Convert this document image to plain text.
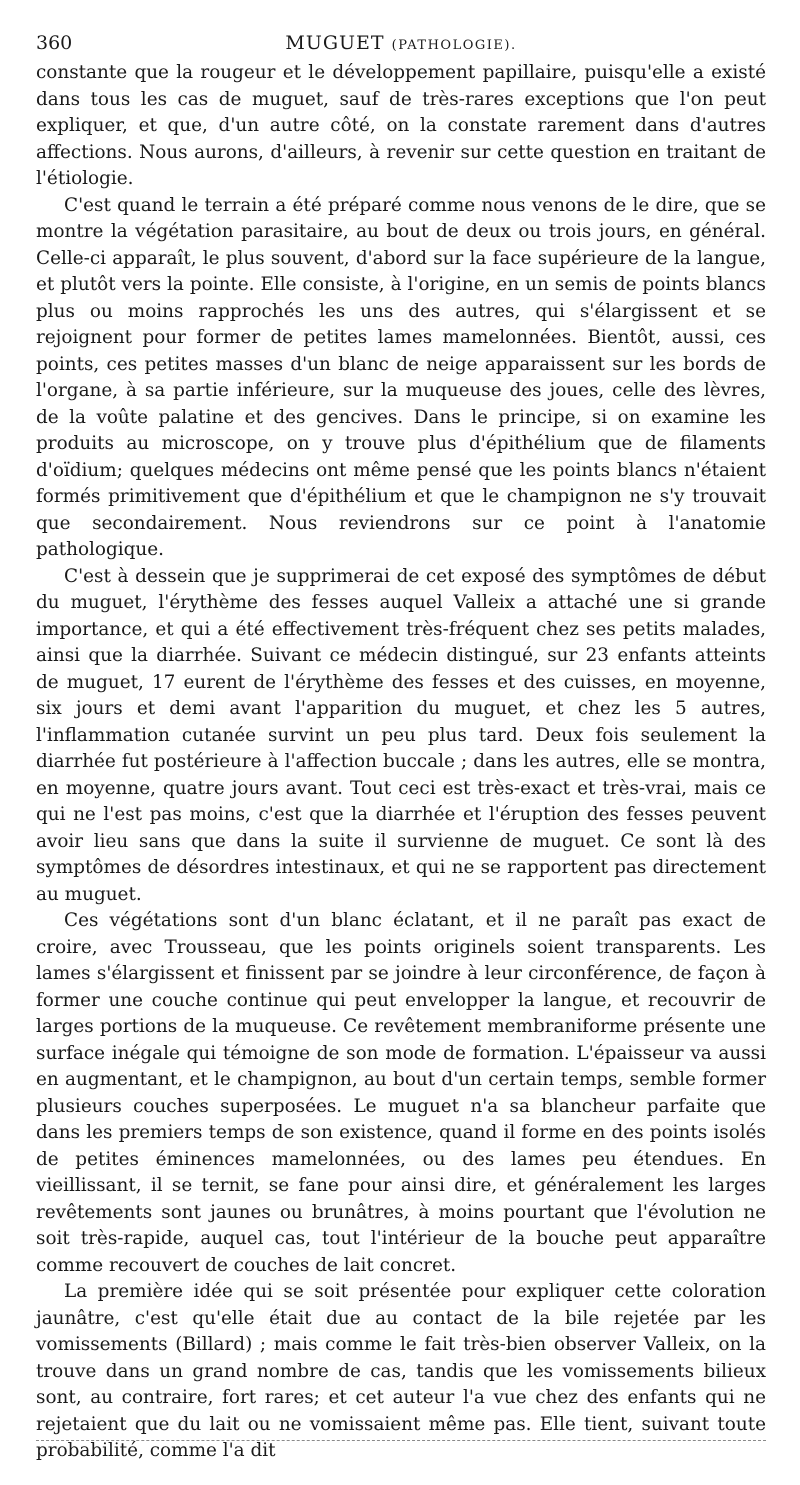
360	MUGUET (PATHOLOGIE).

constante que la rougeur et le développement papillaire, puisqu'elle a existé dans tous les cas de muguet, sauf de très-rares exceptions que l'on peut expliquer, et que, d'un autre côté, on la constate rarement dans d'autres affections. Nous aurons, d'ailleurs, à revenir sur cette question en traitant de l'étiologie.

C'est quand le terrain a été préparé comme nous venons de le dire, que se montre la végétation parasitaire, au bout de deux ou trois jours, en général. Celle-ci apparaît, le plus souvent, d'abord sur la face supérieure de la langue, et plutôt vers la pointe. Elle consiste, à l'origine, en un semis de points blancs plus ou moins rapprochés les uns des autres, qui s'élargissent et se rejoignent pour former de petites lames mamelonnées. Bientôt, aussi, ces points, ces petites masses d'un blanc de neige apparaissent sur les bords de l'organe, à sa partie inférieure, sur la muqueuse des joues, celle des lèvres, de la voûte palatine et des gencives. Dans le principe, si on examine les produits au microscope, on y trouve plus d'épithélium que de filaments d'oïdium; quelques médecins ont même pensé que les points blancs n'étaient formés primitivement que d'épithélium et que le champignon ne s'y trouvait que secondairement. Nous reviendrons sur ce point à l'anatomie pathologique.

C'est à dessein que je supprimerai de cet exposé des symptômes de début du muguet, l'érythème des fesses auquel Valleix a attaché une si grande importance, et qui a été effectivement très-fréquent chez ses petits malades, ainsi que la diarrhée. Suivant ce médecin distingué, sur 23 enfants atteints de muguet, 17 eurent de l'érythème des fesses et des cuisses, en moyenne, six jours et demi avant l'apparition du muguet, et chez les 5 autres, l'inflammation cutanée survint un peu plus tard. Deux fois seulement la diarrhée fut postérieure à l'affection buccale ; dans les autres, elle se montra, en moyenne, quatre jours avant. Tout ceci est très-exact et très-vrai, mais ce qui ne l'est pas moins, c'est que la diarrhée et l'éruption des fesses peuvent avoir lieu sans que dans la suite il survienne de muguet. Ce sont là des symptômes de désordres intestinaux, et qui ne se rapportent pas directement au muguet.

Ces végétations sont d'un blanc éclatant, et il ne paraît pas exact de croire, avec Trousseau, que les points originels soient transparents. Les lames s'élargissent et finissent par se joindre à leur circonférence, de façon à former une couche continue qui peut envelopper la langue, et recouvrir de larges portions de la muqueuse. Ce revêtement membraniforme présente une surface inégale qui témoigne de son mode de formation. L'épaisseur va aussi en augmentant, et le champignon, au bout d'un certain temps, semble former plusieurs couches superposées. Le muguet n'a sa blancheur parfaite que dans les premiers temps de son existence, quand il forme en des points isolés de petites éminences mamelonnées, ou des lames peu étendues. En vieillissant, il se ternit, se fane pour ainsi dire, et généralement les larges revêtements sont jaunes ou brunâtres, à moins pourtant que l'évolution ne soit très-rapide, auquel cas, tout l'intérieur de la bouche peut apparaître comme recouvert de couches de lait concret.

La première idée qui se soit présentée pour expliquer cette coloration jaunâtre, c'est qu'elle était due au contact de la bile rejetée par les vomissements (Billard) ; mais comme le fait très-bien observer Valleix, on la trouve dans un grand nombre de cas, tandis que les vomissements bilieux sont, au contraire, fort rares; et cet auteur l'a vue chez des enfants qui ne rejetaient que du lait ou ne vomissaient même pas. Elle tient, suivant toute probabilité, comme l'a dit
